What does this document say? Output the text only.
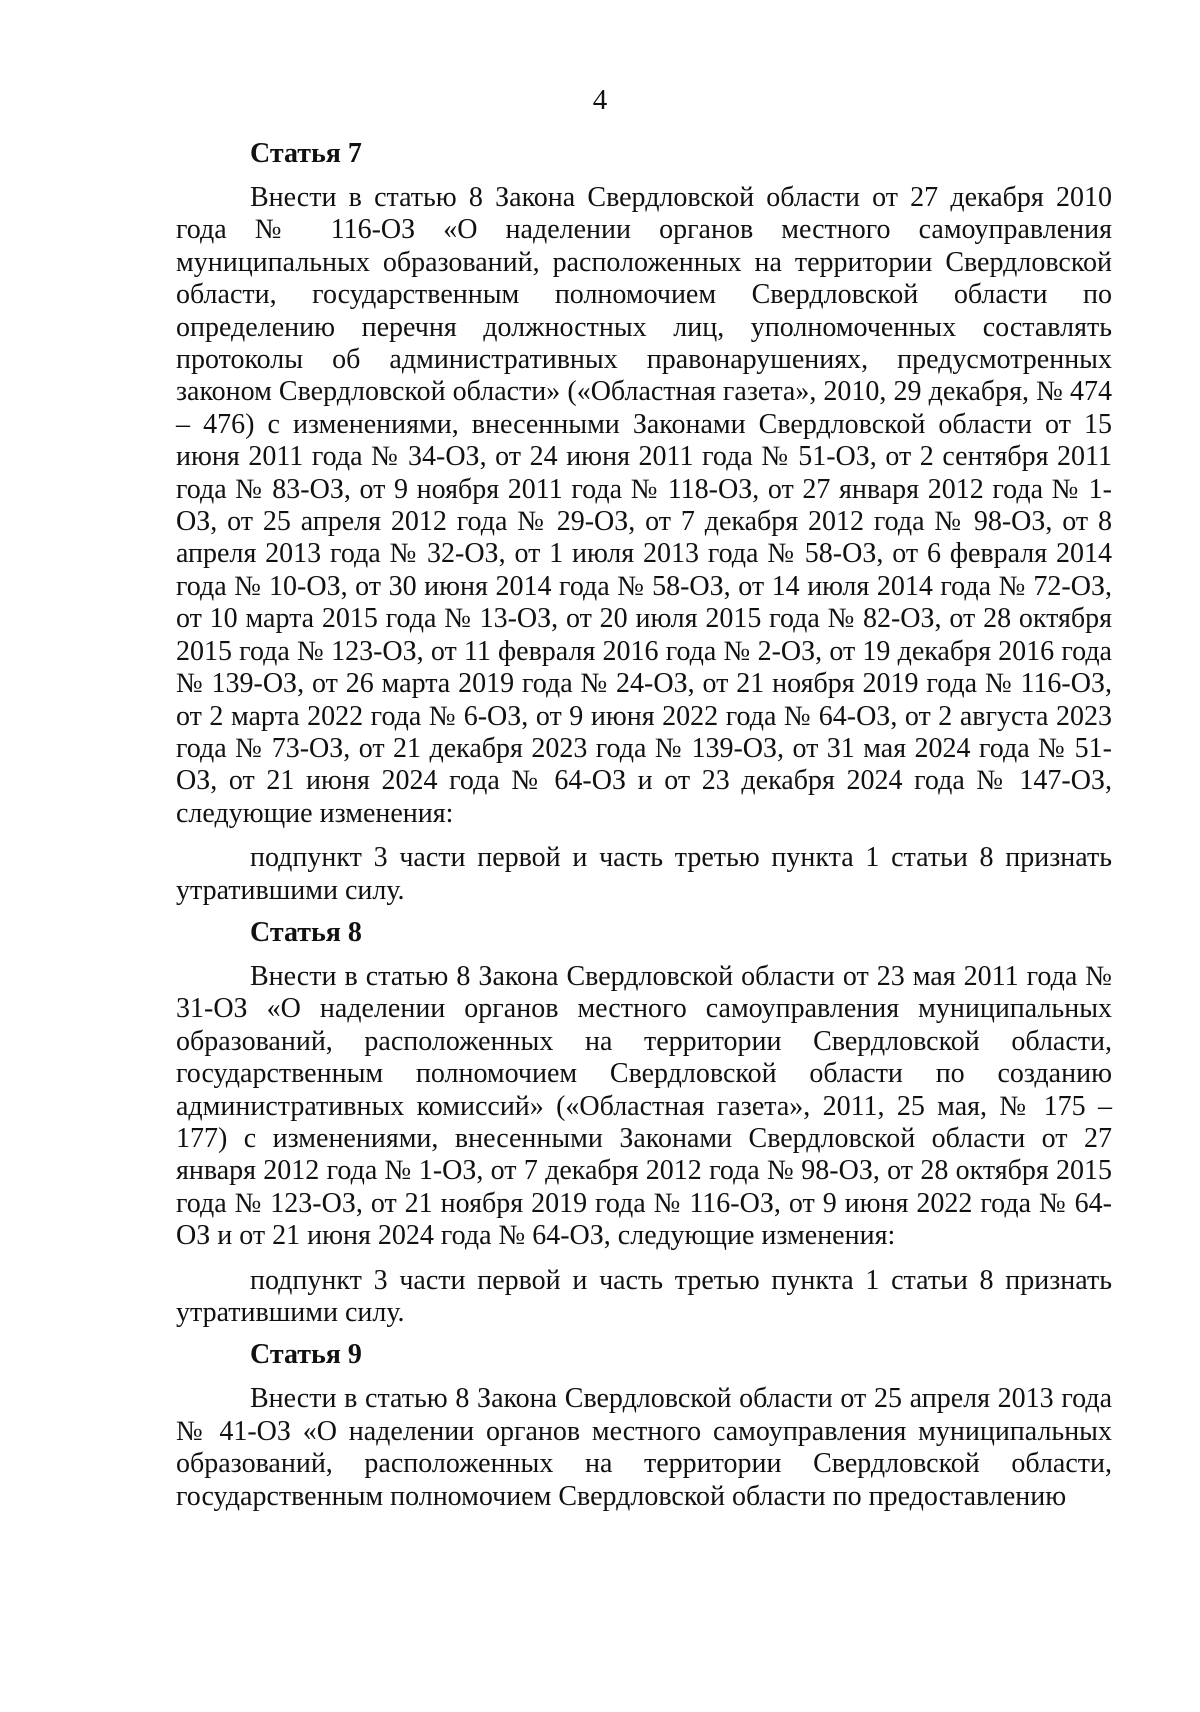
4
Статья 7

Внести в статью 8 Закона Свердловской области от 27 декабря 2010 года № 116-ОЗ «О наделении органов местного самоуправления муниципальных образований, расположенных на территории Свердловской области, государственным полномочием Свердловской области по определению перечня должностных лиц, уполномоченных составлять протоколы об административных правонарушениях, предусмотренных законом Свердловской области» («Областная газета», 2010, 29 декабря, № 474 – 476) с изменениями, внесенными Законами Свердловской области от 15 июня 2011 года № 34-ОЗ, от 24 июня 2011 года № 51-ОЗ, от 2 сентября 2011 года № 83-ОЗ, от 9 ноября 2011 года № 118-ОЗ, от 27 января 2012 года № 1-ОЗ, от 25 апреля 2012 года № 29-ОЗ, от 7 декабря 2012 года № 98-ОЗ, от 8 апреля 2013 года № 32-ОЗ, от 1 июля 2013 года № 58-ОЗ, от 6 февраля 2014 года № 10-ОЗ, от 30 июня 2014 года № 58-ОЗ, от 14 июля 2014 года № 72-ОЗ, от 10 марта 2015 года № 13-ОЗ, от 20 июля 2015 года № 82-ОЗ, от 28 октября 2015 года № 123-ОЗ, от 11 февраля 2016 года № 2-ОЗ, от 19 декабря 2016 года № 139-ОЗ, от 26 марта 2019 года № 24-ОЗ, от 21 ноября 2019 года № 116-ОЗ, от 2 марта 2022 года № 6-ОЗ, от 9 июня 2022 года № 64-ОЗ, от 2 августа 2023 года № 73-ОЗ, от 21 декабря 2023 года № 139-ОЗ, от 31 мая 2024 года № 51-ОЗ, от 21 июня 2024 года № 64-ОЗ и от 23 декабря 2024 года № 147-ОЗ, следующие изменения:

подпункт 3 части первой и часть третью пункта 1 статьи 8 признать утратившими силу.

Статья 8

Внести в статью 8 Закона Свердловской области от 23 мая 2011 года № 31-ОЗ «О наделении органов местного самоуправления муниципальных образований, расположенных на территории Свердловской области, государственным полномочием Свердловской области по созданию административных комиссий» («Областная газета», 2011, 25 мая, № 175 – 177) с изменениями, внесенными Законами Свердловской области от 27 января 2012 года № 1-ОЗ, от 7 декабря 2012 года № 98-ОЗ, от 28 октября 2015 года № 123-ОЗ, от 21 ноября 2019 года № 116-ОЗ, от 9 июня 2022 года № 64-ОЗ и от 21 июня 2024 года № 64-ОЗ, следующие изменения:

подпункт 3 части первой и часть третью пункта 1 статьи 8 признать утратившими силу.

Статья 9

Внести в статью 8 Закона Свердловской области от 25 апреля 2013 года № 41-ОЗ «О наделении органов местного самоуправления муниципальных образований, расположенных на территории Свердловской области, государственным полномочием Свердловской области по предоставлению
